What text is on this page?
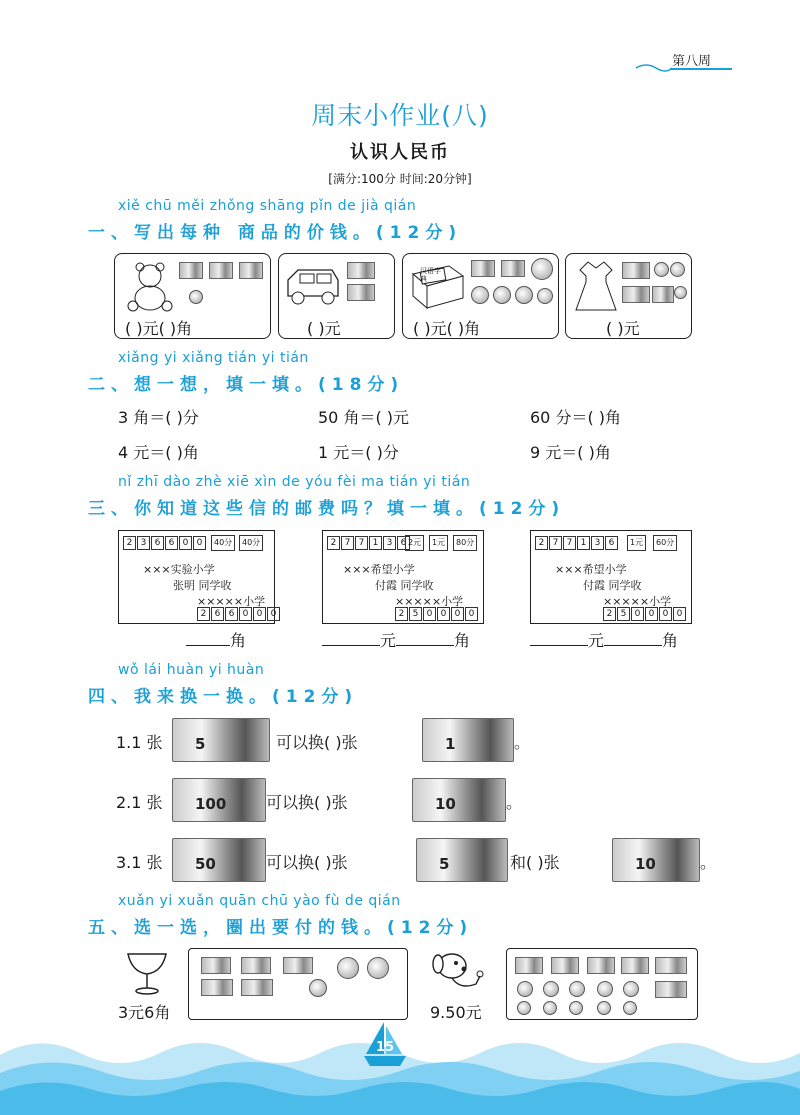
第八周
周末小作业(八)
认识人民币
[满分:100分 时间:20分钟]
xiě chū měi zhǒng shāng pǐn de jià qián
一、写出每种 商品的价钱。(12分)
( )元( )角	( )元
汉语字典
( )元( )角	( )元
xiǎng yi xiǎng tián yi tián
二、想一想，填一填。(18分)
3 角＝( )分	50 角＝( )元	60 分＝( )角
4 元＝( )角	1 元＝( )分	9 元＝( )角
nǐ zhī dào zhè xiē xìn de yóu fèi ma tián yi tián
三、你知道这些信的邮费吗？填一填。(12分)
2 3 6 6 0 0	40分	40分
×××实验小学
张明 同学收
×××××小学
2 6 6 0 0 0
角
2 7 7 1 3 6 2元	1元	80分
×××希望小学
付霞 同学收
×××××小学
2 5 0 0 0 0
元	角
2 7 7 1 3 6	1元	60分
×××希望小学
付霞 同学收
×××××小学
2 5 0 0 0 0
元	角
wǒ lái huàn yi huàn
四、我来换一换。(12分)
1.1 张 5	可以换( )张	1	。
2.1 张 100 可以换( )张	10	。
3.1 张 50	可以换( )张	5	和( )张	10	。
xuǎn yi xuǎn quān chū yào fù de qián
五、选一选，圈出要付的钱。(12分)
3元6角	9.50元
15
